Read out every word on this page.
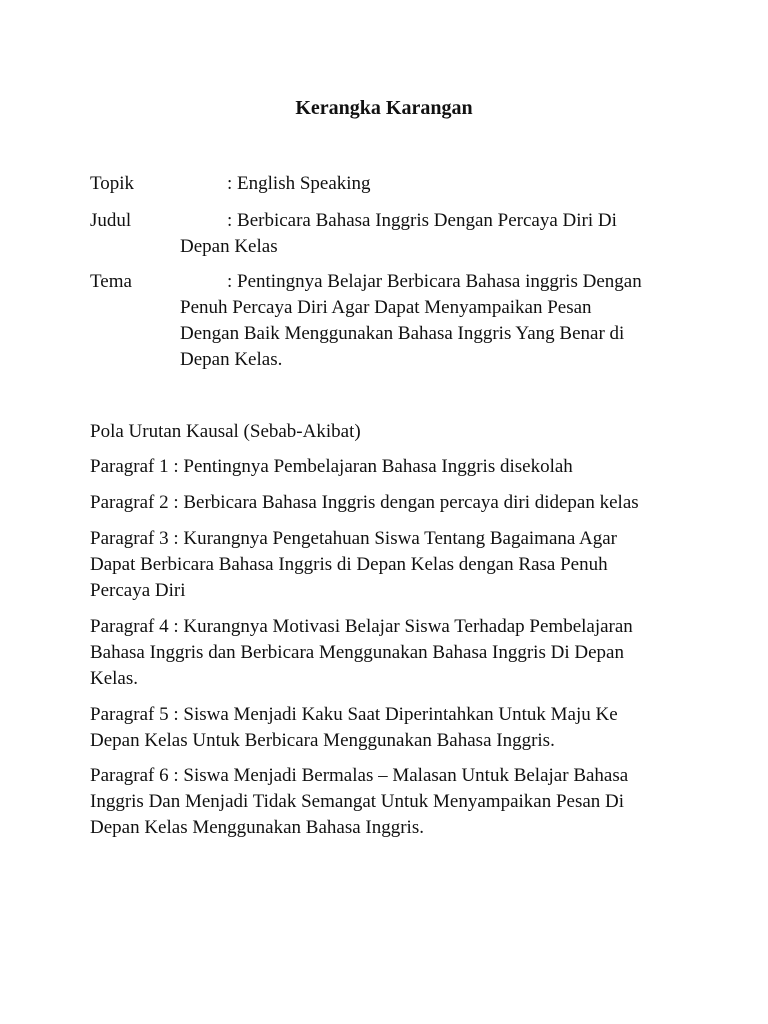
Kerangka Karangan
Topik	: English Speaking
Judul	: Berbicara Bahasa Inggris Dengan Percaya Diri Di
Depan Kelas
Tema	: Pentingnya Belajar Berbicara Bahasa inggris Dengan
Penuh Percaya Diri Agar Dapat Menyampaikan Pesan
Dengan Baik Menggunakan Bahasa Inggris Yang Benar di
Depan Kelas.
Pola Urutan Kausal (Sebab-Akibat)
Paragraf 1 : Pentingnya Pembelajaran Bahasa Inggris disekolah
Paragraf 2 : Berbicara Bahasa Inggris dengan percaya diri didepan kelas
Paragraf 3 : Kurangnya Pengetahuan Siswa Tentang Bagaimana Agar
Dapat Berbicara Bahasa Inggris di Depan Kelas dengan Rasa Penuh
Percaya Diri
Paragraf 4 : Kurangnya Motivasi Belajar Siswa Terhadap Pembelajaran
Bahasa Inggris dan Berbicara Menggunakan Bahasa Inggris Di Depan
Kelas.
Paragraf 5 : Siswa Menjadi Kaku Saat Diperintahkan Untuk Maju Ke
Depan Kelas Untuk Berbicara Menggunakan Bahasa Inggris.
Paragraf 6 : Siswa Menjadi Bermalas – Malasan Untuk Belajar Bahasa
Inggris Dan Menjadi Tidak Semangat Untuk Menyampaikan Pesan Di
Depan Kelas Menggunakan Bahasa Inggris.
